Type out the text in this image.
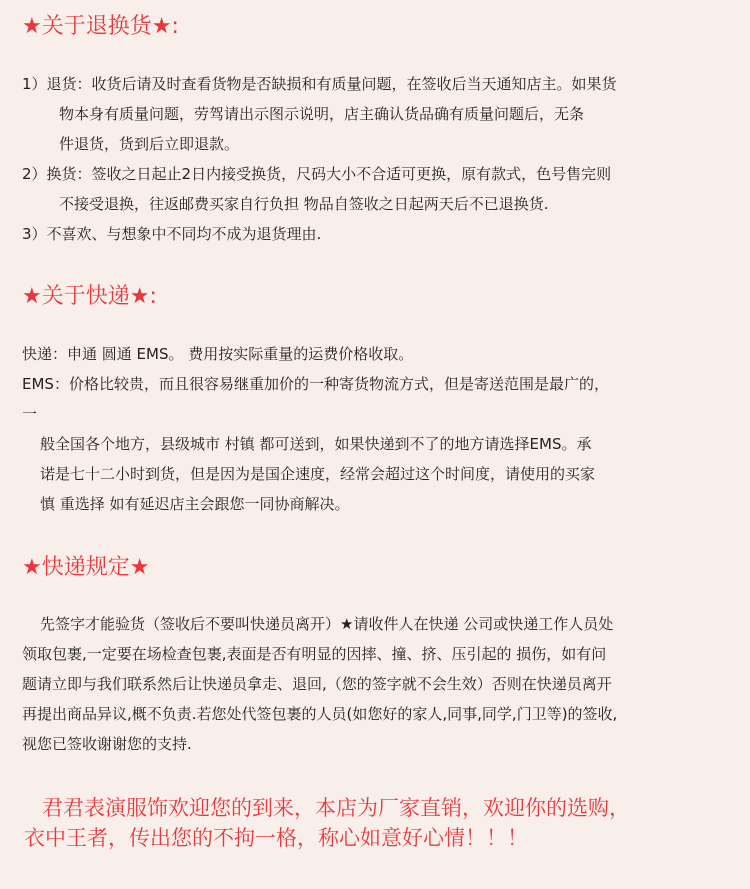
★关于退换货★:
1）退货：收货后请及时查看货物是否缺损和有质量问题，在签收后当天通知店主。如果货
物本身有质量问题，劳驾请出示图示说明，店主确认货品确有质量问题后，无条
件退货，货到后立即退款。
2）换货：签收之日起止2日内接受换货，尺码大小不合适可更换，原有款式，色号售完则
不接受退换，往返邮费买家自行负担 物品自签收之日起两天后不已退换货.
3）不喜欢、与想象中不同均不成为退货理由.
★关于快递★:
快递：申通 圆通 EMS。 费用按实际重量的运费价格收取。
EMS：价格比较贵，而且很容易继重加价的一种寄货物流方式，但是寄送范围是最广的，
一
般全国各个地方，县级城市 村镇 都可送到，如果快递到不了的地方请选择EMS。承
诺是七十二小时到货，但是因为是国企速度，经常会超过这个时间度，请使用的买家
慎 重选择 如有延迟店主会跟您一同协商解决。
★快递规定★
先签字才能验货（签收后不要叫快递员离开）★请收件人在快递 公司或快递工作人员处
领取包裹,一定要在场检查包裹,表面是否有明显的因摔、撞、挤、压引起的 损伤，如有问
题请立即与我们联系然后让快递员拿走、退回,（您的签字就不会生效）否则在快递员离开
再提出商品异议,概不负责.若您处代签包裹的人员(如您好的家人,同事,同学,门卫等)的签收,
视您已签收谢谢您的支持.
君君表演服饰欢迎您的到来，本店为厂家直销，欢迎你的选购，
衣中王者，传出您的不拘一格，称心如意好心情！！！
